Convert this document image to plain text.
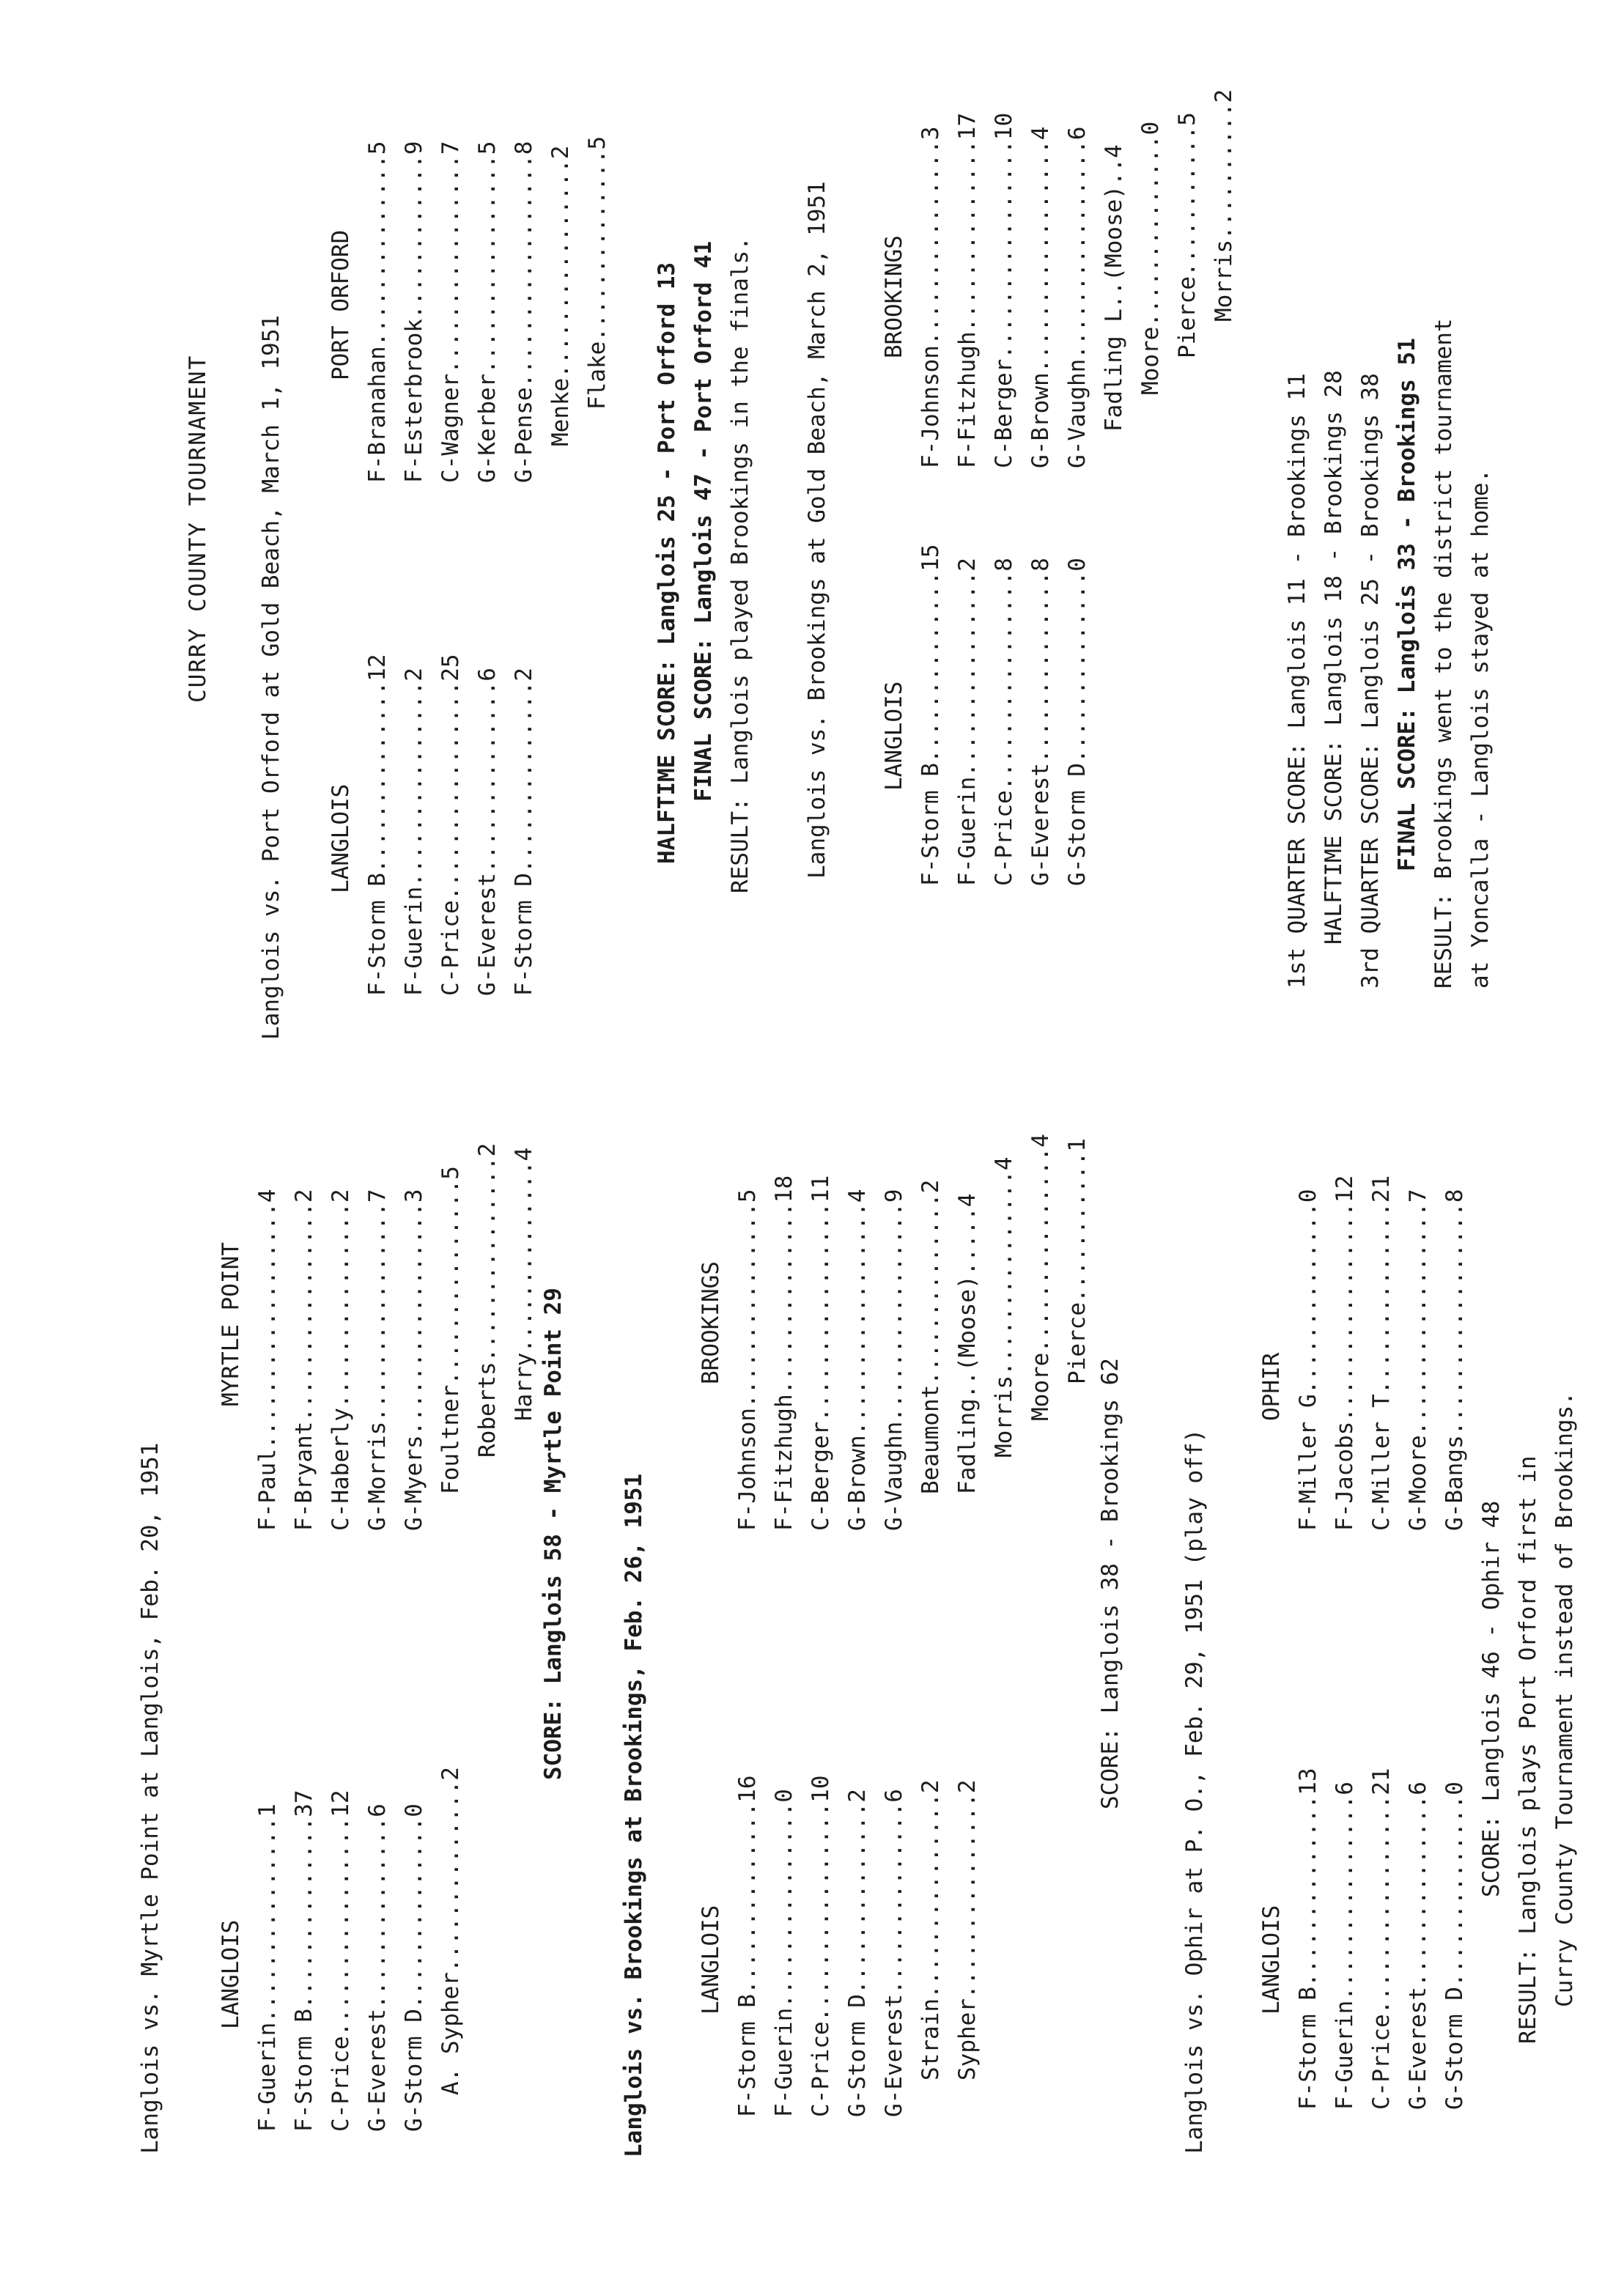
Langlois vs. Myrtle Point at Langlois, Feb. 20, 1951 LANGLOIS
MYRTLE POINT
F-Guerin...............1 F-Storm B..............37 C-Price................12 G-Everest..............6 G-Storm D..............0 A. Sypher..............2
F-Paul..................4 F-Bryant................2 C-Haberly...............2 G-Morris................7 G-Myers.................3 Foultner...............5 Roberts...............2 Harry..............4
SCORE: Langlois 58 - Myrtle Point 29 Langlois vs. Brookings at Brookings, Feb. 26, 1951 LANGLOIS
BROOKINGS
F-Storm B..............16 F-Guerin...............0 C-Price................10 G-Storm D..............2 G-Everest..............6 Strain...............2 Sypher...............2
F-Johnson...............5 F-Fitzhugh..............18 C-Berger................11 G-Brown.................4 G-Vaughn................9 Beaumont..............2 Fadling..(Moose).....4 Morris...............4 Moore...............4 Pierce...........1
SCORE: Langlois 38 - Brookings 62	Langlois vs. Ophir at P. O., Feb. 29, 1951 (play off) LANGLOIS
OPHIR
F-Storm B..............13 F-Guerin...............6 C-Price................21 G-Everest..............6 G-Storm D..............0
F-Miller G..............0 F-Jacobs................12 C-Miller T..............21 G-Moore.................7 G-Bangs.................8
SCORE: Langlois 46 - Ophir 48 RESULT: Langlois plays Port Orford first in Curry County Tournament instead of Brookings.
CURRY COUNTY TOURNAMENT Langlois vs. Port Orford at Gold Beach, March 1, 1951 LANGLOIS
PORT ORFORD
F-Storm B..............12 F-Guerin...............2 C-Price................25 G-Everest..............6 F-Storm D..............2
F-Branahan..............5 F-Esterbrook............9 C-Wagner................7 G-Kerber................5 G-Pense.................8 Menke................2 Flake..............5 HALFTIME SCORE: Langlois 25 - Port Orford 13 FINAL SCORE: Langlois 47 - Port Orford 41 RESULT: Langlois played Brookings in the finals. Langlois vs. Brookings at Gold Beach, March 2, 1951 LANGLOIS
BROOKINGS
F-Storm B..............15 F-Guerin...............2 C-Price................8 G-Everest..............8 G-Storm D..............0
F-Johnson...............3 F-Fitzhugh..............17 C-Berger................10 G-Brown.................4 G-Vaughn................6 Fadling L..(Moose)..4 Moore..............0 Pierce...........5 Morris..........2
1st QUARTER SCORE: Langlois 11 - Brookings 11 HALFTIME SCORE: Langlois 18 - Brookings 28 3rd QUARTER SCORE: Langlois 25 - Brookings 38 FINAL SCORE: Langlois 33 - Brookings 51 RESULT: Brookings went to the district tournament at Yoncalla - Langlois stayed at home.
